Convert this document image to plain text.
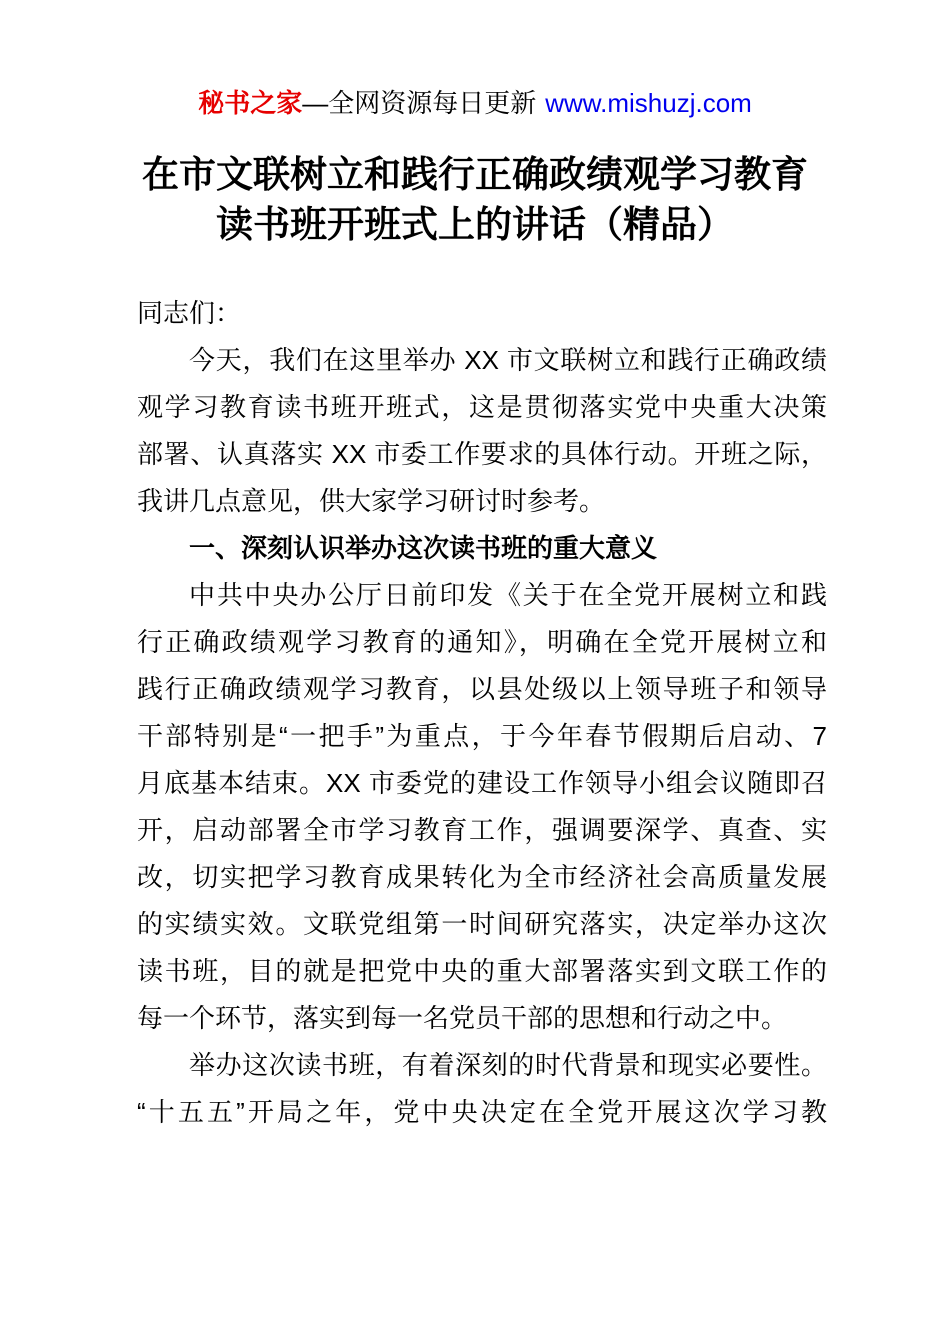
秘书之家—全网资源每日更新 www.mishuzj.com
在市文联树立和践行正确政绩观学习教育
读书班开班式上的讲话（精品）
同志们：
今天，我们在这里举办 XX 市文联树立和践行正确政绩
观学习教育读书班开班式，这是贯彻落实党中央重大决策
部署、认真落实 XX 市委工作要求的具体行动。开班之际，
我讲几点意见，供大家学习研讨时参考。
一、深刻认识举办这次读书班的重大意义
中共中央办公厅日前印发《关于在全党开展树立和践
行正确政绩观学习教育的通知》，明确在全党开展树立和
践行正确政绩观学习教育，以县处级以上领导班子和领导
干部特别是“一把手”为重点，于今年春节假期后启动、7
月底基本结束。XX 市委党的建设工作领导小组会议随即召
开，启动部署全市学习教育工作，强调要深学、真查、实
改，切实把学习教育成果转化为全市经济社会高质量发展
的实绩实效。文联党组第一时间研究落实，决定举办这次
读书班，目的就是把党中央的重大部署落实到文联工作的
每一个环节，落实到每一名党员干部的思想和行动之中。
举办这次读书班，有着深刻的时代背景和现实必要性。
“十五五”开局之年，党中央决定在全党开展这次学习教
